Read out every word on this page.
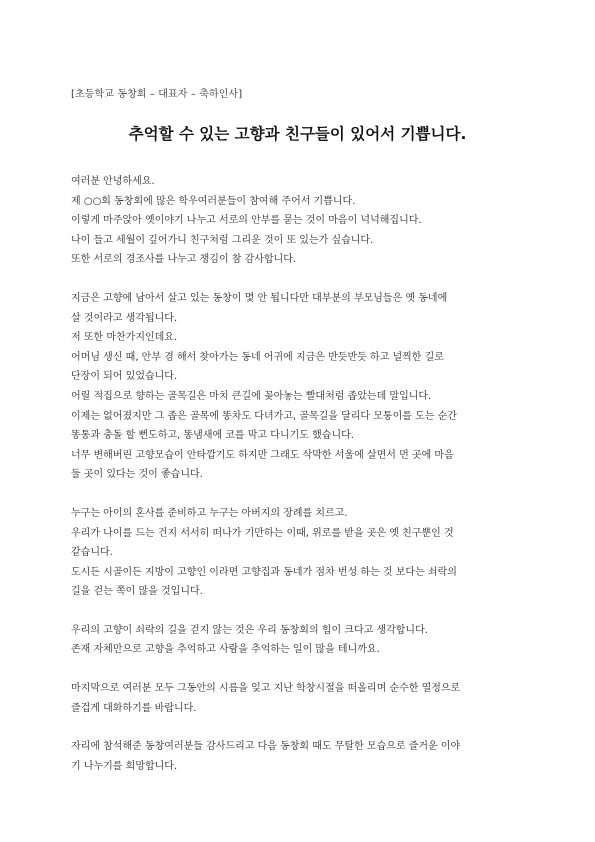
[초등학교 동창회 – 대표자 – 축하인사]
추억할 수 있는 고향과 친구들이 있어서 기쁩니다.
여러분 안녕하세요.
제 ○○회 동창회에 많은 학우여러분들이 참여해 주어서 기쁩니다.
이렇게 마주앉아 옛이야기 나누고 서로의 안부를 묻는 것이 마음이 넉넉해집니다.
나이 들고 세월이 깊어가니 친구처럼 그리운 것이 또 있는가 싶습니다.
또한 서로의 경조사를 나누고 챙김이 참 감사합니다.
지금은 고향에 남아서 살고 있는 동창이 몇 안 됩니다만 대부분의 부모님들은 옛 동네에
살 것이라고 생각됩니다.
저 또한 마찬가지인데요.
어머님 생신 때, 안부 겸 해서 찾아가는 동네 어귀에 지금은 반듯반듯 하고 널찍한 길로
단장이 되어 있었습니다.
어릴 적집으로 향하는 골목길은 마치 큰길에 꽂아놓는 빨대처럼 좁았는데 말입니다.
이제는 없어졌지만 그 좁은 골목에 똥차도 다녀가고, 골목길을 달리다 모퉁이를 도는 순간
똥통과 충돌 할 뻔도하고, 똥냄새에 코를 막고 다니기도 했습니다.
너무 변해버린 고향모습이 안타깝기도 하지만 그래도 삭막한 서울에 살면서 먼 곳에 마음
둘 곳이 있다는 것이 좋습니다.
누구는 아이의 혼사를 준비하고 누구는 아버지의 장례를 치르고.
우리가 나이를 드는 건지 서서히 떠나가 기만하는 이때, 위로를 받을 곳은 옛 친구뿐인 것
같습니다.
도시든 시골이든 지방이 고향인 이라면 고향집과 동네가 점차 번성 하는 것 보다는 쇠락의
길을 걷는 쪽이 많을 것입니다.
우리의 고향이 쇠락의 길을 걷지 않는 것은 우리 동창회의 힘이 크다고 생각합니다.
존재 자체만으로 고향을 추억하고 사람을 추억하는 일이 많을 테니까요.
마지막으로 여러분 모두 그동안의 시름을 잊고 지난 학창시절을 떠올리며 순수한 열정으로
즐겁게 대화하기를 바랍니다.
자리에 참석해준 동창여러분들 감사드리고 다음 동창회 때도 무탈한 모습으로 즐거운 이야
기 나누기를 희망합니다.
